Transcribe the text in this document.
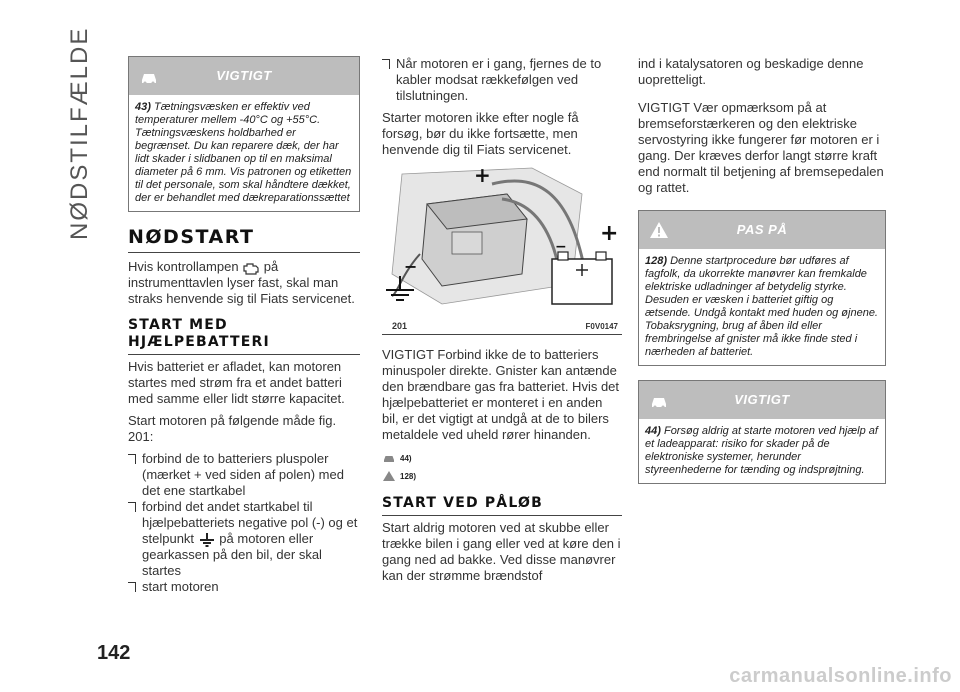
NØDSTILFÆLDE	VIGTIGT
43) Tætningsvæsken er effektiv ved temperaturer mellem -40°C og +55°C. Tætningsvæskens holdbarhed er begrænset. Du kan reparere dæk, der har lidt skader i slidbanen op til en maksimal diameter på 6 mm. Vis patronen og etiketten til det personale, som skal håndtere dækket, der er behandlet med dækreparationssættet
NØDSTART

Hvis kontrollampen på instrumenttavlen lyser fast, skal man straks henvende sig til Fiats servicenet.

START MED HJÆLPEBATTERI

Hvis batteriet er afladet, kan motoren startes med strøm fra et andet batteri med samme eller lidt større kapacitet.

Start motoren på følgende måde fig. 201:

forbind de to batteriers pluspoler (mærket + ved siden af polen) med det ene startkabel
forbind det andet startkabel til hjælpebatteriets negative pol (-) og et stelpunkt på motoren eller gearkassen på den bil, der skal startes
start motoren
Når motoren er i gang, fjernes de to kabler modsat rækkefølgen ved tilslutningen.

Starter motoren ikke efter nogle få forsøg, bør du ikke fortsætte, men henvende dig til Fiats servicenet.

+
−
+
−
201	F0V0147

VIGTIGT Forbind ikke de to batteriers minuspoler direkte. Gnister kan antænde den brændbare gas fra batteriet. Hvis det hjælpebatteriet er monteret i en anden bil, er det vigtigt at undgå at de to bilers metaldele ved uheld rører hinanden.

44)
128)
START VED PÅLØB

Start aldrig motoren ved at skubbe eller trække bilen i gang eller ved at køre den i gang ned ad bakke. Ved disse manøvrer kan der strømme brændstof

ind i katalysatoren og beskadige denne uopretteligt.

VIGTIGT Vær opmærksom på at bremseforstærkeren og den elektriske servostyring ikke fungerer før motoren er i gang. Der kræves derfor langt større kraft end normalt til betjening af bremsepedalen og rattet.

PAS PÅ
128) Denne startprocedure bør udføres af fagfolk, da ukorrekte manøvrer kan fremkalde elektriske udladninger af betydelig styrke. Desuden er væsken i batteriet giftig og ætsende. Undgå kontakt med huden og øjnene. Tobaksrygning, brug af åben ild eller frembringelse af gnister må ikke finde sted i nærheden af batteriet.
VIGTIGT
44) Forsøg aldrig at starte motoren ved hjælp af et ladeapparat: risiko for skader på de elektroniske systemer, herunder styreenhederne for tænding og indsprøjtning.
142
carmanualsonline.info
